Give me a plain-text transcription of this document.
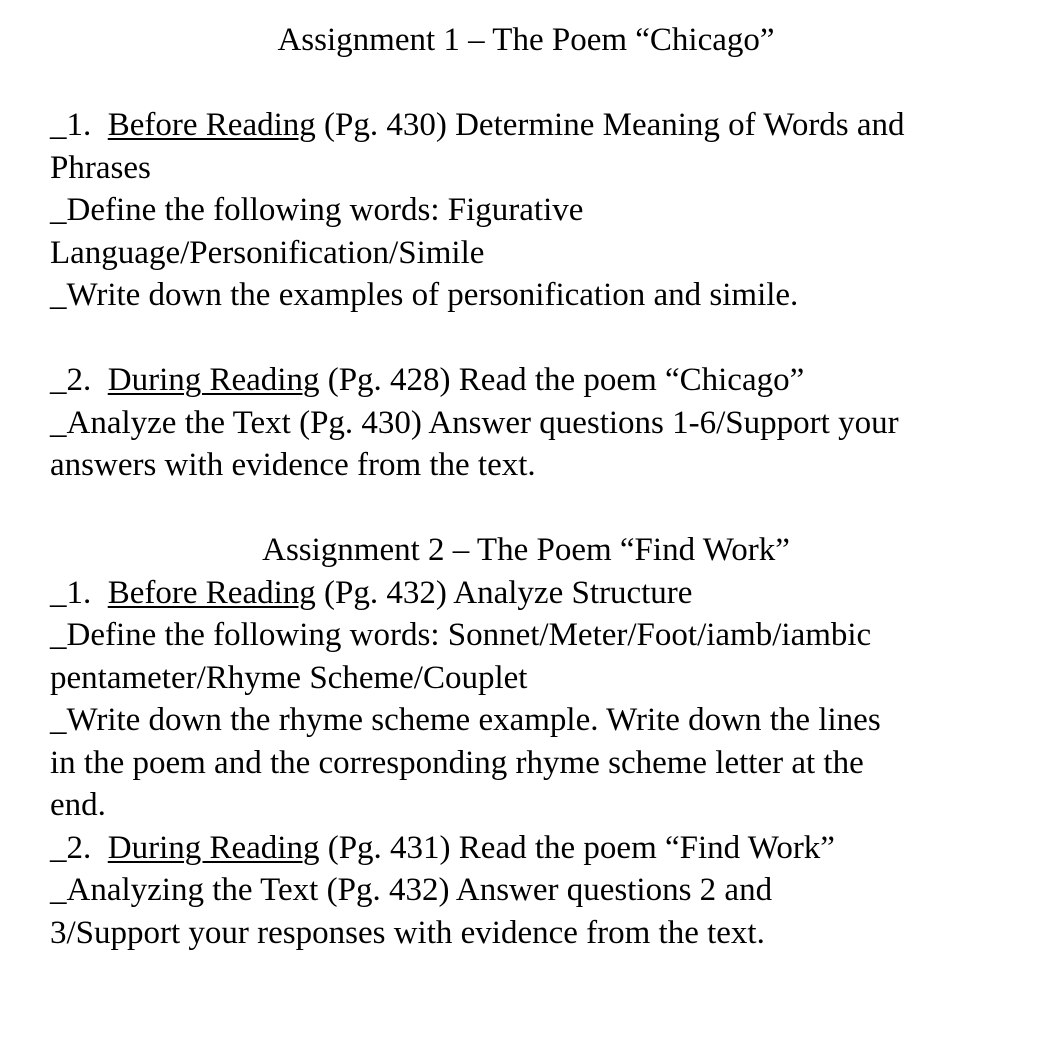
Assignment 1 – The Poem “Chicago”
_1.  Before Reading (Pg. 430) Determine Meaning of Words and
Phrases
_Define the following words: Figurative
Language/Personification/Simile
_Write down the examples of personification and simile.
_2.  During Reading (Pg. 428) Read the poem “Chicago”
_Analyze the Text (Pg. 430) Answer questions 1-6/Support your
answers with evidence from the text.
Assignment 2 – The Poem “Find Work”
_1.  Before Reading (Pg. 432) Analyze Structure
_Define the following words: Sonnet/Meter/Foot/iamb/iambic
pentameter/Rhyme Scheme/Couplet
_Write down the rhyme scheme example. Write down the lines
in the poem and the corresponding rhyme scheme letter at the
end.
_2.  During Reading (Pg. 431) Read the poem “Find Work”
_Analyzing the Text (Pg. 432) Answer questions 2 and
3/Support your responses with evidence from the text.
